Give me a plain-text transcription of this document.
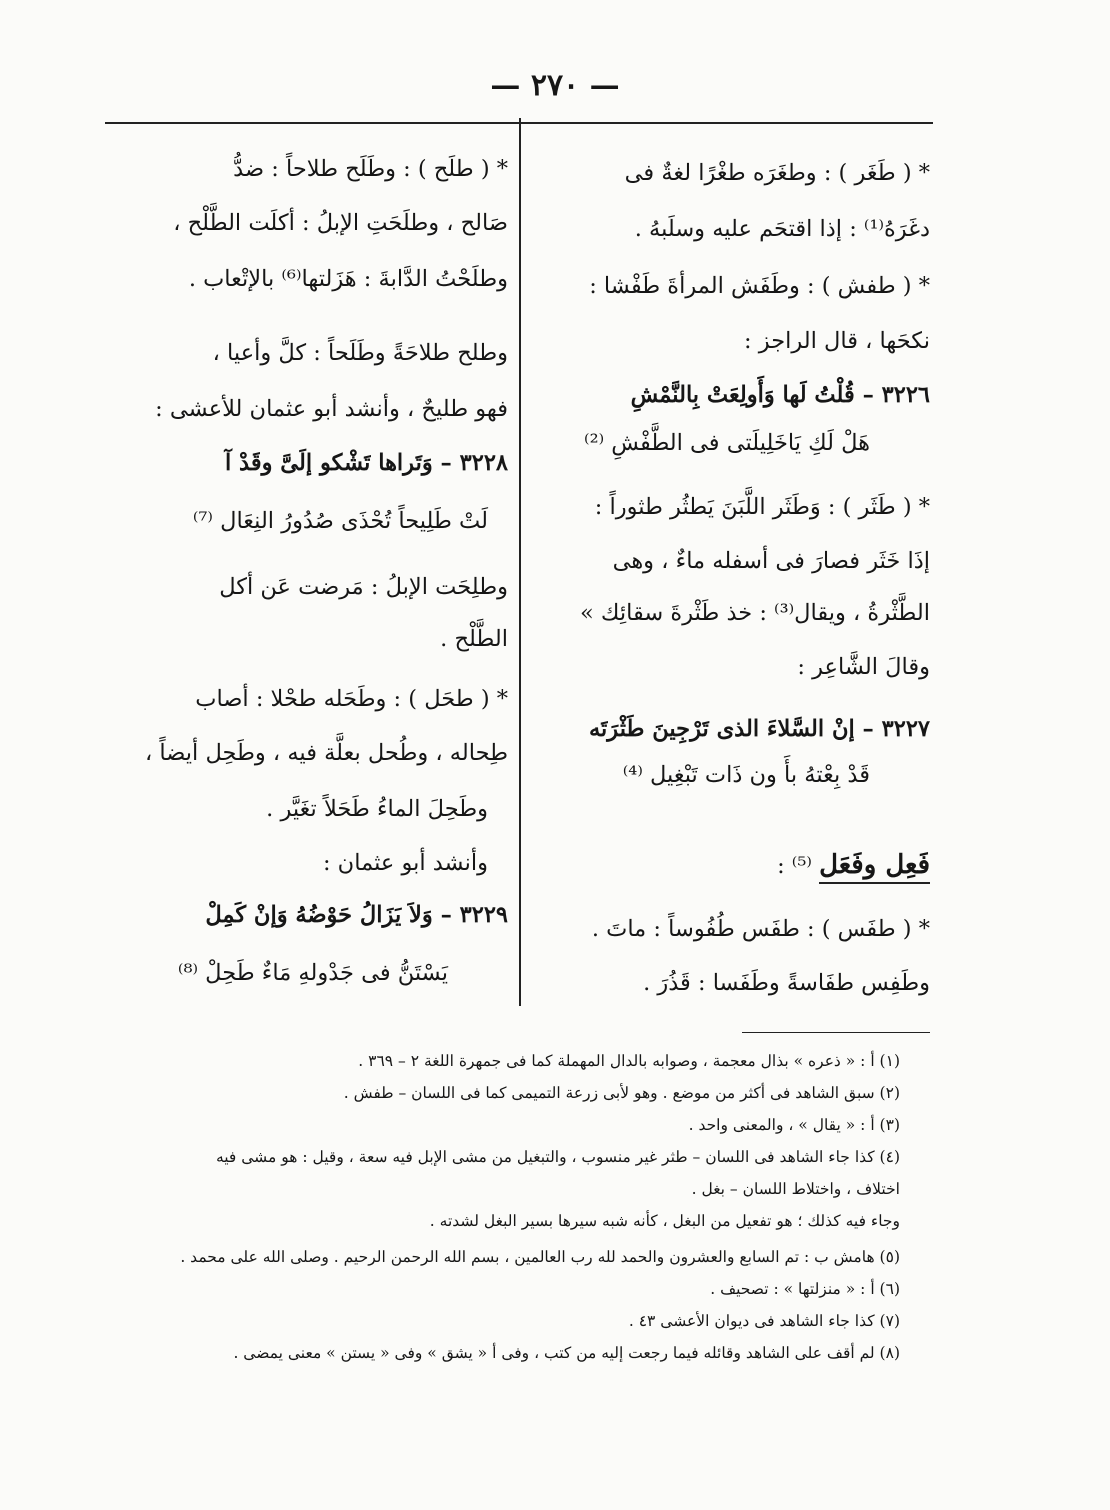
— ٢٧٠ —
* ( طَغَر ) : وطغَرَه طغْرًا لغةٌ فى
دغَرَهُ⁽¹⁾ : إذا اقتحَم عليه وسلَبهُ .
* ( طفش ) : وطَفَش المرأةَ طَفْشا :
نكحَها ، قال الراجز :
٣٢٢٦ – قُلْتُ لَها وَأَولِعَتْ بِالنَّمْشِ
هَلْ لَكِ يَاخَلِيلَتى فى الطَّفْشِ ⁽²⁾
* ( طَثَر ) : وَطَثَر اللَّبَنَ يَطثُر طثوراً :
إذَا خَثَر فصارَ فى أسفله ماءٌ ، وهى
الطَّثْرةُ ، ويقال⁽³⁾ : خذ طَثْرةَ سقائِك »
وقالَ الشَّاعِر :
٣٢٢٧ – إنْ السَّلاءَ الذى تَرْجِينَ طَثْرَتَه
قَدْ بِعْتهُ بأَ ون ذَات تَبْغِيل ⁽⁴⁾
فَعِل وفَعَل ⁽⁵⁾ :
* ( طفَس ) : طفَس طُفُوساً : ماتَ .
وطَفِس طفَاسةً وطَفَسا : قَذُرَ .
* ( طلَح ) : وطَلَح طلاحاً : ضدُّ
صَالح ، وطلَحَتِ الإبلُ : أكلَت الطَّلْح ،
وطلَحْتُ الدَّابةَ : هَزَلتها⁽⁶⁾ بالإتْعاب .
وطلح طلاحَةً وطَلَحاً : كلَّ وأعيا ،
فهو طليحٌ ، وأنشد أبو عثمان للأعشى :
٣٢٢٨ – وَتَراها تَشْكو إلَىَّ وقَدْ آ
لَتْ طَلِيحاً تُحْذَى صُدُورُ النِعَال ⁽⁷⁾
وطلِحَت الإبلُ : مَرضت عَن أكل
الطَّلْح .
* ( طحَل ) : وطَحَله طحْلا : أصاب
طِحاله ، وطُحل بعلَّة فيه ، وطَحِل أيضاً ،
وطَحِلَ الماءُ طَحَلاً تغَيَّر .
وأنشد أبو عثمان :
٣٢٢٩ – وَلاَ يَزَالُ حَوْضُهُ وَإنْ كَمِلْ
يَسْتَنُّ فى جَدْولهِ مَاءٌ طَحِلْ ⁽⁸⁾
(١) أ : « ذعره » بذال معجمة ، وصوابه بالدال المهملة كما فى جمهرة اللغة ٢ – ٣٦٩ .
(٢) سبق الشاهد فى أكثر من موضع . وهو لأبى زرعة التميمى كما فى اللسان – طفش .
(٣) أ : « يقال » ، والمعنى واحد .
(٤) كذا جاء الشاهد فى اللسان – طثر غير منسوب ، والتبغيل من مشى الإبل فيه سعة ، وقيل : هو مشى فيه
اختلاف ، واختلاط اللسان – بغل .
وجاء فيه كذلك ؛ هو تفعيل من البغل ، كأنه شبه سيرها بسير البغل لشدته .
(٥) هامش ب : تم السابع والعشرون والحمد لله رب العالمين ، بسم الله الرحمن الرحيم . وصلى الله على محمد .
(٦) أ : « منزلتها » : تصحيف .
(٧) كذا جاء الشاهد فى ديوان الأعشى ٤٣ .
(٨) لم أقف على الشاهد وقائله فيما رجعت إليه من كتب ، وفى أ « يشق » وفى « يستن » معنى يمضى .
